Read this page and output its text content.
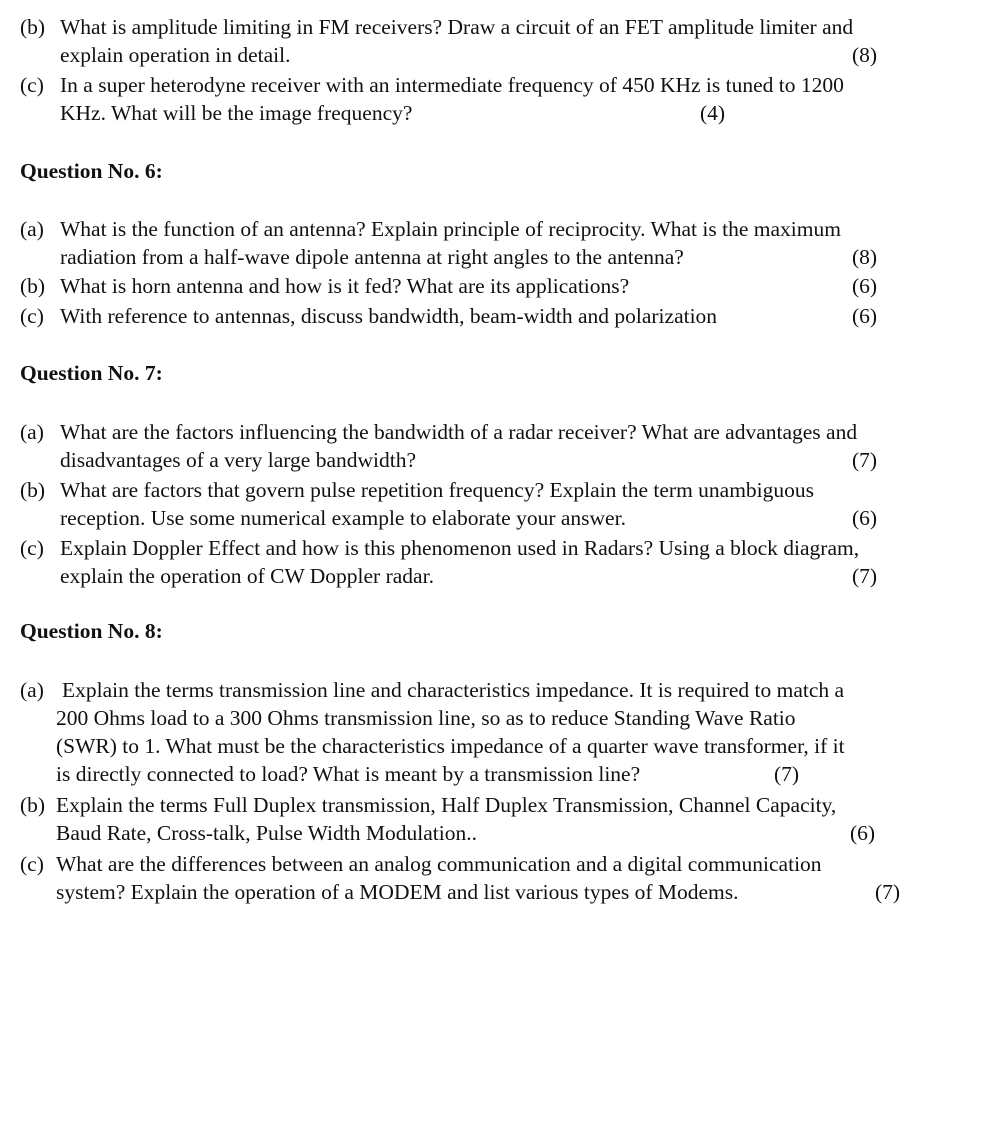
(b) What is amplitude limiting in FM receivers? Draw a circuit of an FET amplitude limiter and
explain operation in detail.	(8)
(c) In a super heterodyne receiver with an intermediate frequency of 450 KHz is tuned to 1200
KHz. What will be the image frequency?	(4)
Question No. 6:
(a) What is the function of an antenna? Explain principle of reciprocity. What is the maximum
radiation from a half-wave dipole antenna at right angles to the antenna?	(8)
(b) What is horn antenna and how is it fed? What are its applications?	(6)
(c) With reference to antennas, discuss bandwidth, beam-width and polarization	(6)
Question No. 7:
(a) What are the factors influencing the bandwidth of a radar receiver? What are advantages and
disadvantages of a very large bandwidth?	(7)
(b) What are factors that govern pulse repetition frequency? Explain the term unambiguous
reception. Use some numerical example to elaborate your answer.	(6)
(c) Explain Doppler Effect and how is this phenomenon used in Radars? Using a block diagram,
explain the operation of CW Doppler radar.	(7)
Question No. 8:
(a) Explain the terms transmission line and characteristics impedance. It is required to match a
200 Ohms load to a 300 Ohms transmission line, so as to reduce Standing Wave Ratio
(SWR) to 1. What must be the characteristics impedance of a quarter wave transformer, if it
is directly connected to load? What is meant by a transmission line?	(7)
(b) Explain the terms Full Duplex transmission, Half Duplex Transmission, Channel Capacity,
Baud Rate, Cross-talk, Pulse Width Modulation..	(6)
(c) What are the differences between an analog communication and a digital communication
system? Explain the operation of a MODEM and list various types of Modems.	(7)
